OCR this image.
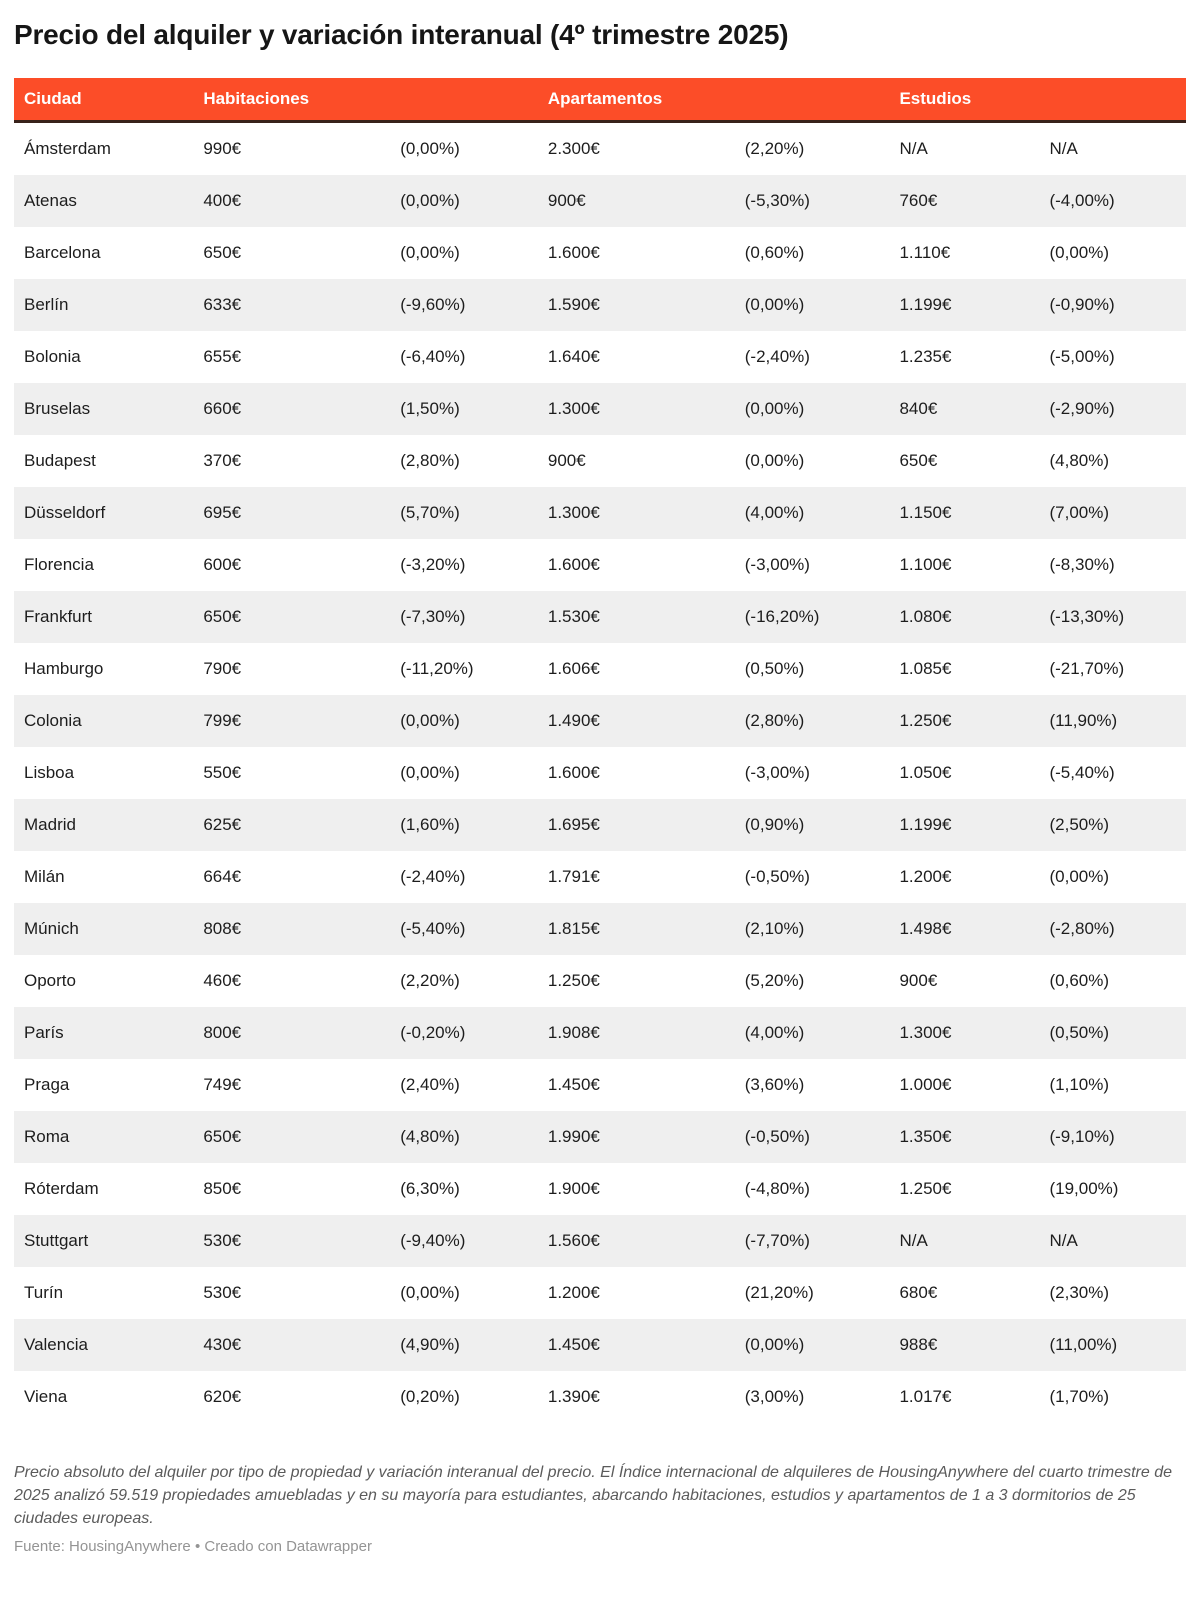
Precio del alquiler y variación interanual (4º trimestre 2025)
Ciudad	Habitaciones		Apartamentos		Estudios	
Ámsterdam	990€	(0,00%)	2.300€	(2,20%)	N/A	N/A
Atenas	400€	(0,00%)	900€	(-5,30%)	760€	(-4,00%)
Barcelona	650€	(0,00%)	1.600€	(0,60%)	1.110€	(0,00%)
Berlín	633€	(-9,60%)	1.590€	(0,00%)	1.199€	(-0,90%)
Bolonia	655€	(-6,40%)	1.640€	(-2,40%)	1.235€	(-5,00%)
Bruselas	660€	(1,50%)	1.300€	(0,00%)	840€	(-2,90%)
Budapest	370€	(2,80%)	900€	(0,00%)	650€	(4,80%)
Düsseldorf	695€	(5,70%)	1.300€	(4,00%)	1.150€	(7,00%)
Florencia	600€	(-3,20%)	1.600€	(-3,00%)	1.100€	(-8,30%)
Frankfurt	650€	(-7,30%)	1.530€	(-16,20%)	1.080€	(-13,30%)
Hamburgo	790€	(-11,20%)	1.606€	(0,50%)	1.085€	(-21,70%)
Colonia	799€	(0,00%)	1.490€	(2,80%)	1.250€	(11,90%)
Lisboa	550€	(0,00%)	1.600€	(-3,00%)	1.050€	(-5,40%)
Madrid	625€	(1,60%)	1.695€	(0,90%)	1.199€	(2,50%)
Milán	664€	(-2,40%)	1.791€	(-0,50%)	1.200€	(0,00%)
Múnich	808€	(-5,40%)	1.815€	(2,10%)	1.498€	(-2,80%)
Oporto	460€	(2,20%)	1.250€	(5,20%)	900€	(0,60%)
París	800€	(-0,20%)	1.908€	(4,00%)	1.300€	(0,50%)
Praga	749€	(2,40%)	1.450€	(3,60%)	1.000€	(1,10%)
Roma	650€	(4,80%)	1.990€	(-0,50%)	1.350€	(-9,10%)
Róterdam	850€	(6,30%)	1.900€	(-4,80%)	1.250€	(19,00%)
Stuttgart	530€	(-9,40%)	1.560€	(-7,70%)	N/A	N/A
Turín	530€	(0,00%)	1.200€	(21,20%)	680€	(2,30%)
Valencia	430€	(4,90%)	1.450€	(0,00%)	988€	(11,00%)
Viena	620€	(0,20%)	1.390€	(3,00%)	1.017€	(1,70%)

Precio absoluto del alquiler por tipo de propiedad y variación interanual del precio. El Índice internacional de alquileres de HousingAnywhere del cuarto trimestre de 2025 analizó 59.519 propiedades amuebladas y en su mayoría para estudiantes, abarcando habitaciones, estudios y apartamentos de 1 a 3 dormitorios de 25 ciudades europeas.

Fuente: HousingAnywhere • Creado con Datawrapper
